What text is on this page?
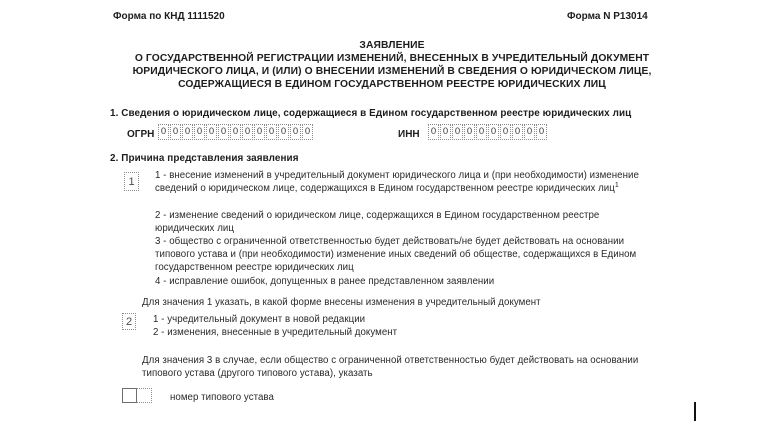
Форма по КНД 1111520	Форма N Р13014
ЗАЯВЛЕНИЕ
О ГОСУДАРСТВЕННОЙ РЕГИСТРАЦИИ ИЗМЕНЕНИЙ, ВНЕСЕННЫХ В УЧРЕДИТЕЛЬНЫЙ ДОКУМЕНТ
ЮРИДИЧЕСКОГО ЛИЦА, И (ИЛИ) О ВНЕСЕНИИ ИЗМЕНЕНИЙ В СВЕДЕНИЯ О ЮРИДИЧЕСКОМ ЛИЦЕ,
СОДЕРЖАЩИЕСЯ В ЕДИНОМ ГОСУДАРСТВЕННОМ РЕЕСТРЕ ЮРИДИЧЕСКИХ ЛИЦ
1. Сведения о юридическом лице, содержащиеся в Едином государственном реестре юридических лиц
ОГРН 0 0 0 0 0 0 0 0 0 0 0 0 0	ИНН 0 0 0 0 0 0 0 0 0 0
2. Причина представления заявления
1
1 - внесение изменений в учредительный документ юридического лица и (при необходимости) изменение
сведений о юридическом лице, содержащихся в Едином государственном реестре юридических лиц$^1$
2 - изменение сведений о юридическом лице, содержащихся в Едином государственном реестре
юридических лиц
3 - общество с ограниченной ответственностью будет действовать/не будет действовать на основании
типового устава и (при необходимости) изменение иных сведений об обществе, содержащихся в Едином
государственном реестре юридических лиц
4 - исправление ошибок, допущенных в ранее представленном заявлении
Для значения 1 указать, в какой форме внесены изменения в учредительный документ
2	1 - учредительный документ в новой редакции
2 - изменения, внесенные в учредительный документ
Для значения 3 в случае, если общество с ограниченной ответственностью будет действовать на основании
типового устава (другого типового устава), указать
номер типового устава
